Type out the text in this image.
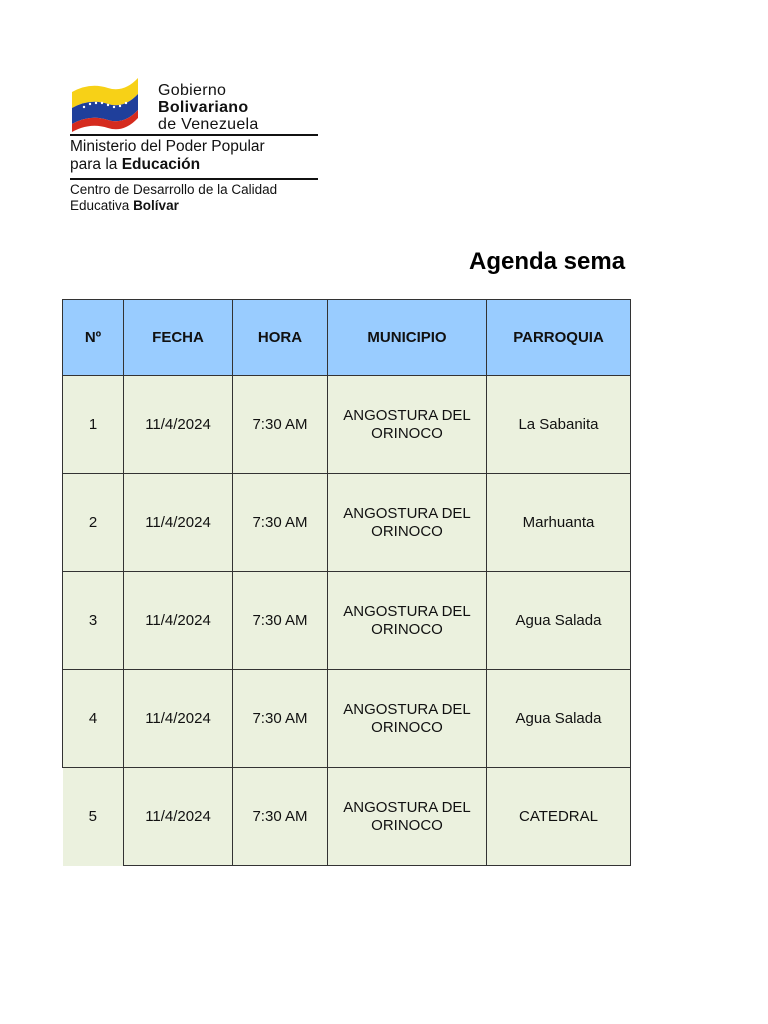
Gobierno
Bolivariano
de Venezuela
Ministerio del Poder Popular
para la Educación
Centro de Desarrollo de la Calidad
Educativa Bolívar
Agenda sema
Nº	FECHA	HORA	MUNICIPIO	PARROQUIA
1	11/4/2024	7:30 AM	ANGOSTURA DEL ORINOCO	La Sabanita
2	11/4/2024	7:30 AM	ANGOSTURA DEL ORINOCO	Marhuanta
3	11/4/2024	7:30 AM	ANGOSTURA DEL ORINOCO	Agua Salada
4	11/4/2024	7:30 AM	ANGOSTURA DEL ORINOCO	Agua Salada
5	11/4/2024	7:30 AM	ANGOSTURA DEL ORINOCO	CATEDRAL
